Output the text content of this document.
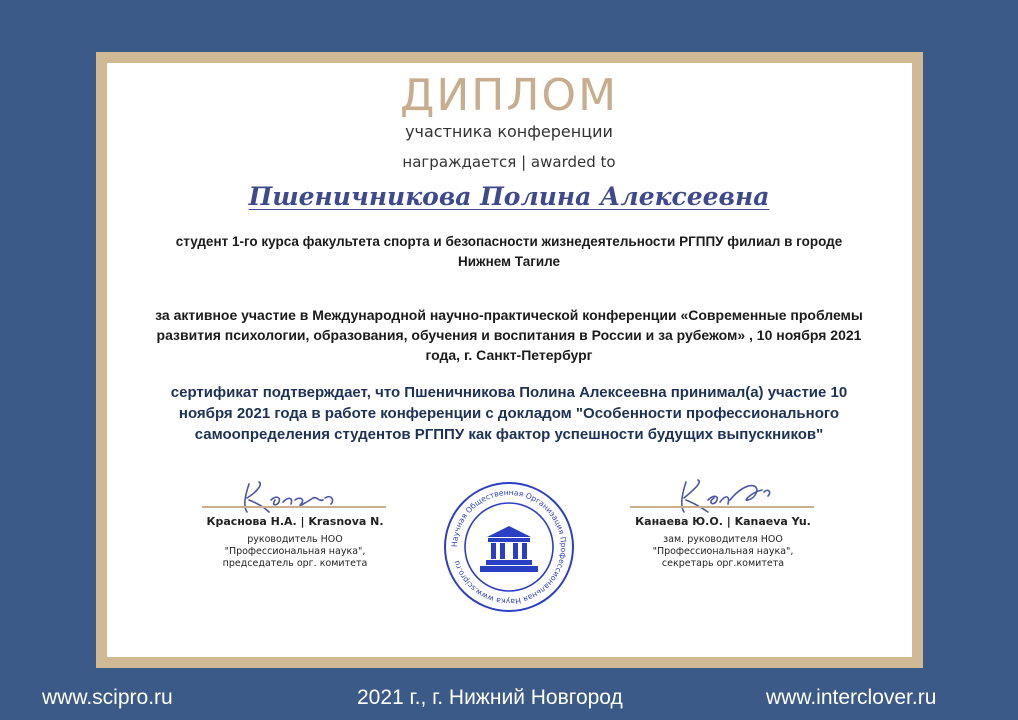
ДИПЛОМ
участника конференции
награждается | awarded to
Пшеничникова Полина Алексеевна
студент 1-го курса факультета спорта и безопасности жизнедеятельности РГППУ филиал в городе Нижнем Тагиле
за активное участие в Международной научно-практической конференции «Современные проблемы развития психологии, образования, обучения и воспитания в России и за рубежом» , 10 ноября 2021 года, г. Санкт-Петербург
сертификат подтверждает, что Пшеничникова Полина Алексеевна принимал(а) участие 10 ноября 2021 года в работе конференции с докладом "Особенности профессионального самоопределения студентов РГППУ как фактор успешности будущих выпускников"
Краснова Н.А. | Krasnova N.
руководитель НОО
"Профессиональная наука",
председатель орг. комитета
Канаева Ю.О. | Kanaeva Yu.
зам. руководителя НОО
"Профессиональная наука",
секретарь орг.комитета
Научная Общественная Организация Профессиональная Наука www.scipro.ru
www.scipro.ru	2021 г., г. Нижний Новгород	www.interclover.ru
